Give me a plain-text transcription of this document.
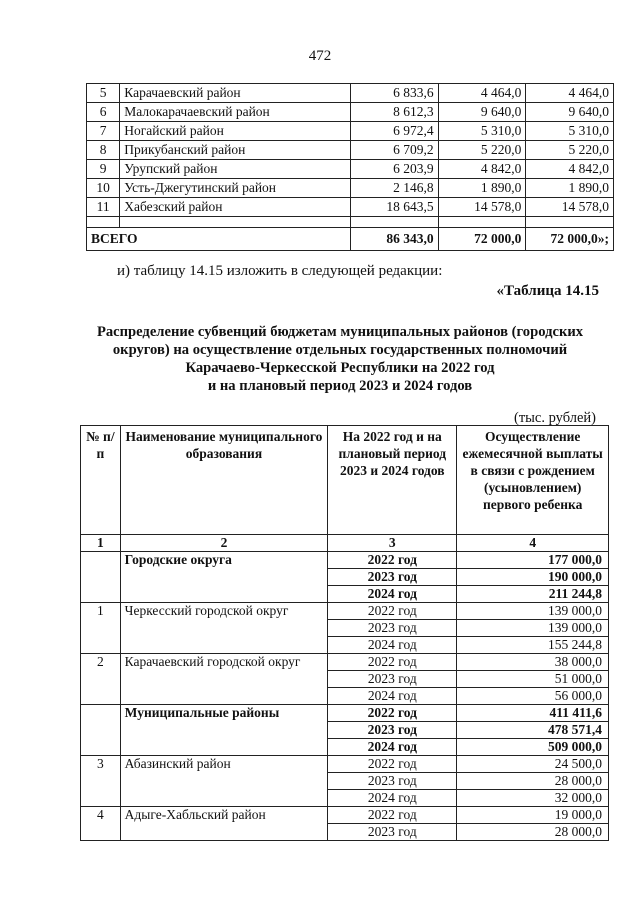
472
5	Карачаевский район	6 833,6	4 464,0	4 464,0
6	Малокарачаевский район	8 612,3	9 640,0	9 640,0
7	Ногайский район	6 972,4	5 310,0	5 310,0
8	Прикубанский район	6 709,2	5 220,0	5 220,0
9	Урупский район	6 203,9	4 842,0	4 842,0
10	Усть-Джегутинский район	2 146,8	1 890,0	1 890,0
11	Хабезский район	18 643,5	14 578,0	14 578,0

ВСЕГО		86 343,0	72 000,0	72 000,0»;
и) таблицу 14.15 изложить в следующей редакции:
«Таблица 14.15
Распределение субвенций бюджетам муниципальных районов (городских
округов) на осуществление отдельных государственных полномочий
Карачаево-Черкесской Республики на 2022 год
и на плановый период 2023 и 2024 годов
(тыс. рублей)
№ п/п	Наименование муниципального образования	На 2022 год и на плановый период 2023 и 2024 годов	Осуществление ежемесячной выплаты в связи с рождением (усыновлением) первого ребенка
1	2	3	4
	Городские округа	2022 год	177 000,0
		2023 год	190 000,0
		2024 год	211 244,8
1	Черкесский городской округ	2022 год	139 000,0
		2023 год	139 000,0
		2024 год	155 244,8
2	Карачаевский городской округ	2022 год	38 000,0
		2023 год	51 000,0
		2024 год	56 000,0
	Муниципальные районы	2022 год	411 411,6
		2023 год	478 571,4
		2024 год	509 000,0
3	Абазинский район	2022 год	24 500,0
		2023 год	28 000,0
		2024 год	32 000,0
4	Адыге-Хабльский район	2022 год	19 000,0
		2023 год	28 000,0
